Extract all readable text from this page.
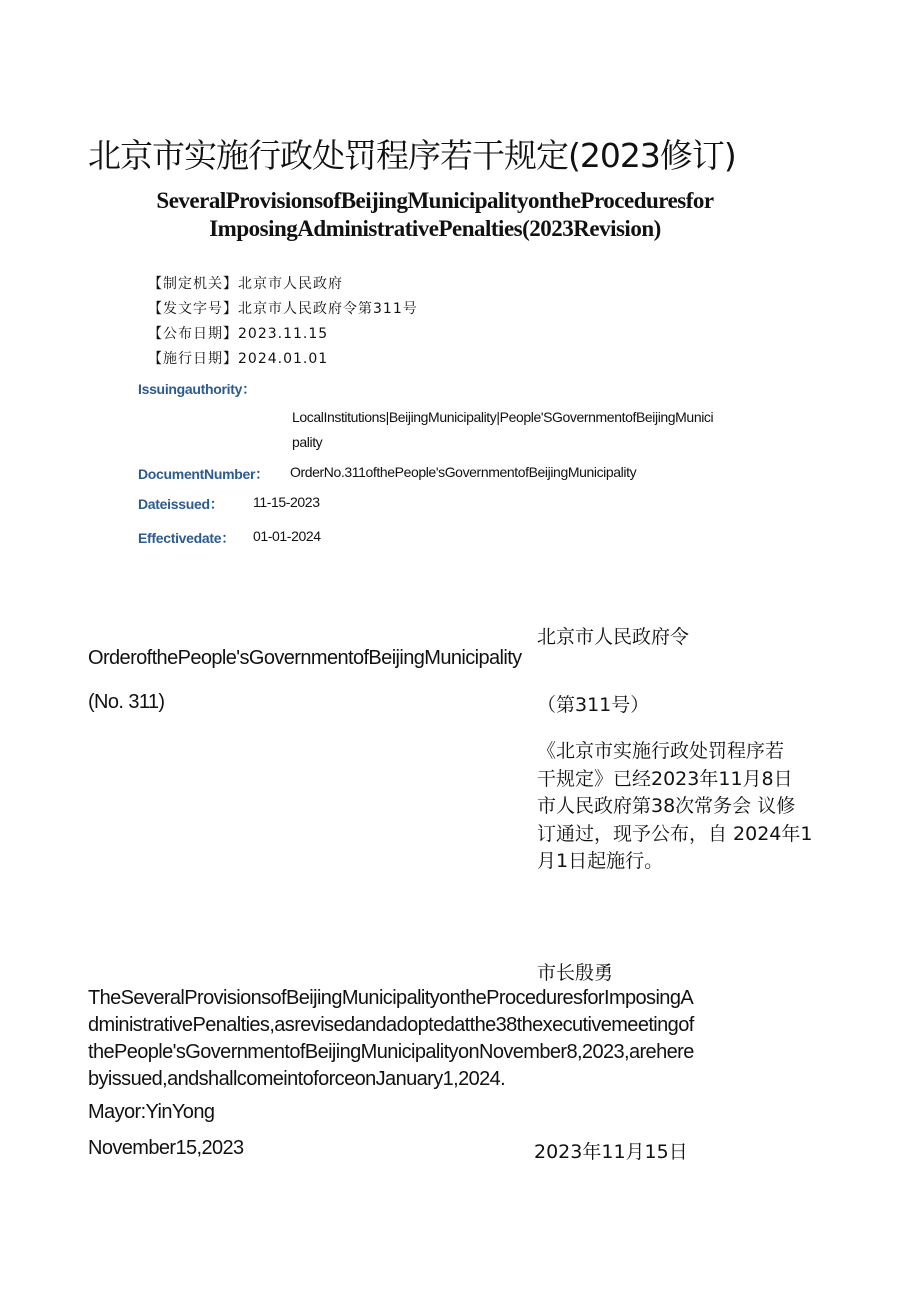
北京市实施行政处罚程序若干规定(2023修订)
SeveralProvisionsofBeijingMunicipalityontheProceduresfor
ImposingAdministrativePenalties(2023Revision)
【制定机关】北京市人民政府
【发文字号】北京市人民政府令第311号
【公布日期】2023.11.15
【施行日期】2024.01.01
Issuingauthority：
LocalInstitutions|BeijingMunicipality|People'SGovernmentofBeijingMunici
pality
DocumentNumber： OrderNo.311ofthePeople'sGovernmentofBeijingMunicipality
Dateissued： 11-15-2023
Effectivedate： 01-01-2024
北京市人民政府令
OrderofthePeople'sGovernmentofBeijingMunicipality
(No. 311)	（第311号）
《北京市实施行政处罚程序若
干规定》已经2023年11月8日
市人民政府第38次常务会 议修
订通过，现予公布，自 2024年1
月1日起施行。
市长殷勇
TheSeveralProvisionsofBeijingMunicipalityontheProceduresforImposingA
dministrativePenalties,asrevisedandadoptedatthe38thexecutivemeetingof
thePeople'sGovernmentofBeijingMunicipalityonNovember8,2023,arehere
byissued,andshallcomeintoforceonJanuary1,2024.
Mayor:YinYong
November15,2023	2023年11月15日
